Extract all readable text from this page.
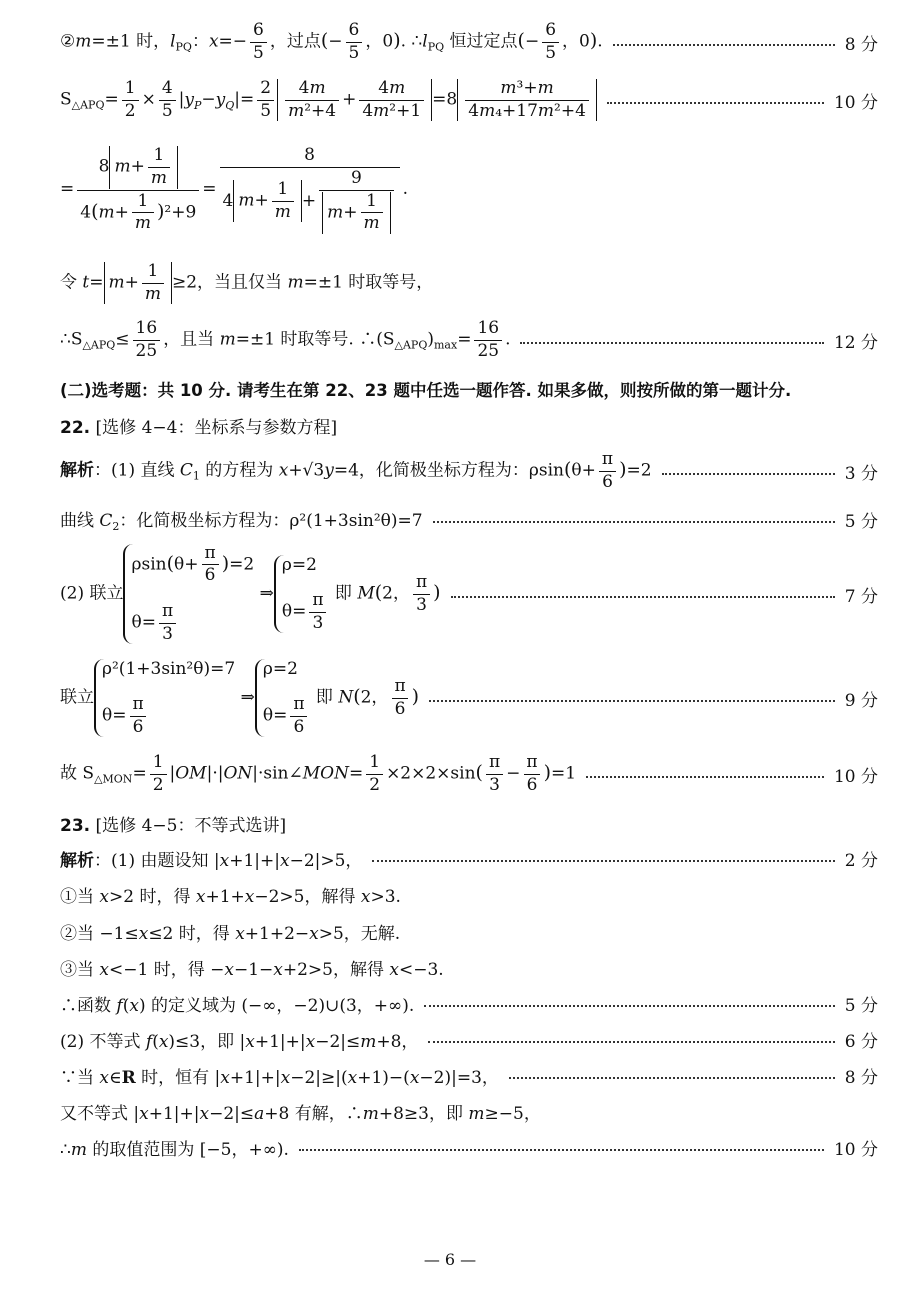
②m=±1 时，$l_{PQ}$：$x=- \frac{6}{5}$ ，过点(− $\frac{6}{5}$ ，0). $\therefore l_{PQ}$ 恒过定点(− $\frac{6}{5}$ ，0).	8 分
$S_{\triangle APQ}= \frac{1}{2} \times \frac{4}{5} |y_P-y_Q|= \frac{2}{5} \frac{4m}{\text{m²+4}} + \frac{4m}{\text{4m²+1}} =8 \frac{\text{m³+m}}{\text{4m₄+17m²+4}}$	10 分
= $\frac{8 m+ \frac{1}{m}}{4(m+ \frac{1}{m} )^2+9} = \frac{8}{4 m+ \frac{1}{m} + \frac{9}{m+ \frac{1}{m}}}$ .
令 $t= m+ \frac{1}{m} \ge 2$，当且仅当 m=±1 时取等号，
$\therefore S_{\triangle APQ}\le \frac{16}{25}$ ，且当 m=±1 时取等号. $\therefore(S_{\triangle APQ})_{max}= \frac{16}{25}$ .	12 分
(二)选考题：共 10 分. 请考生在第 22、23 题中任选一题作答. 如果多做，则按所做的第一题计分.
22. [选修 4−4：坐标系与参数方程]
解析：(1) 直线 $C_1$ 的方程为 x+√3y=4，化简极坐标方程为：$\rho\sin(\theta+ \frac{\pi}{6} )=2$	3 分
曲线 $C_2$：化简极坐标方程为：ρ²(1+3sin²θ)=7	5 分
(2) 联立
$\rho\sin(\theta+ \frac{\pi}{6} )=2$
$\theta= \frac{\pi}{3}$
⇒
ρ=2
$\theta= \frac{\pi}{3}$ 即 M(2， $\frac{\pi}{3}$ )	7 分
联立
ρ²(1+3sin²θ)=7
$\theta= \frac{\pi}{6}$	⇒
ρ=2
$\theta= \frac{\pi}{6}$ 即 N(2， $\frac{\pi}{6}$ )	9 分
故 $S_{\triangle MON}= \frac{1}{2}$ |OM|·|ON|·sin∠MON= $\frac{1}{2} \times 2\times 2\times\sin( \frac{\pi}{3} - \frac{\pi}{6} )=1$	10 分
23. [选修 4−5：不等式选讲]
解析：(1) 由题设知 |x+1|+|x−2|>5，	2 分
①当 x>2 时，得 x+1+x−2>5，解得 x>3.
②当 −1≤x≤2 时，得 x+1+2−x>5，无解.
③当 x<−1 时，得 −x−1−x+2>5，解得 x<−3.
∴函数 f(x) 的定义域为 (−∞，−2)∪(3，+∞).	5 分
(2) 不等式 f(x)≤3，即 |x+1|+|x−2|≤m+8，	6 分
∵当 x∈R 时，恒有 |x+1|+|x−2|≥|(x+1)−(x−2)|=3，	8 分
又不等式 |x+1|+|x−2|≤a+8 有解，∴m+8≥3，即 m≥−5，
∴m 的取值范围为 [−5，+∞).	10 分
— 6 —
